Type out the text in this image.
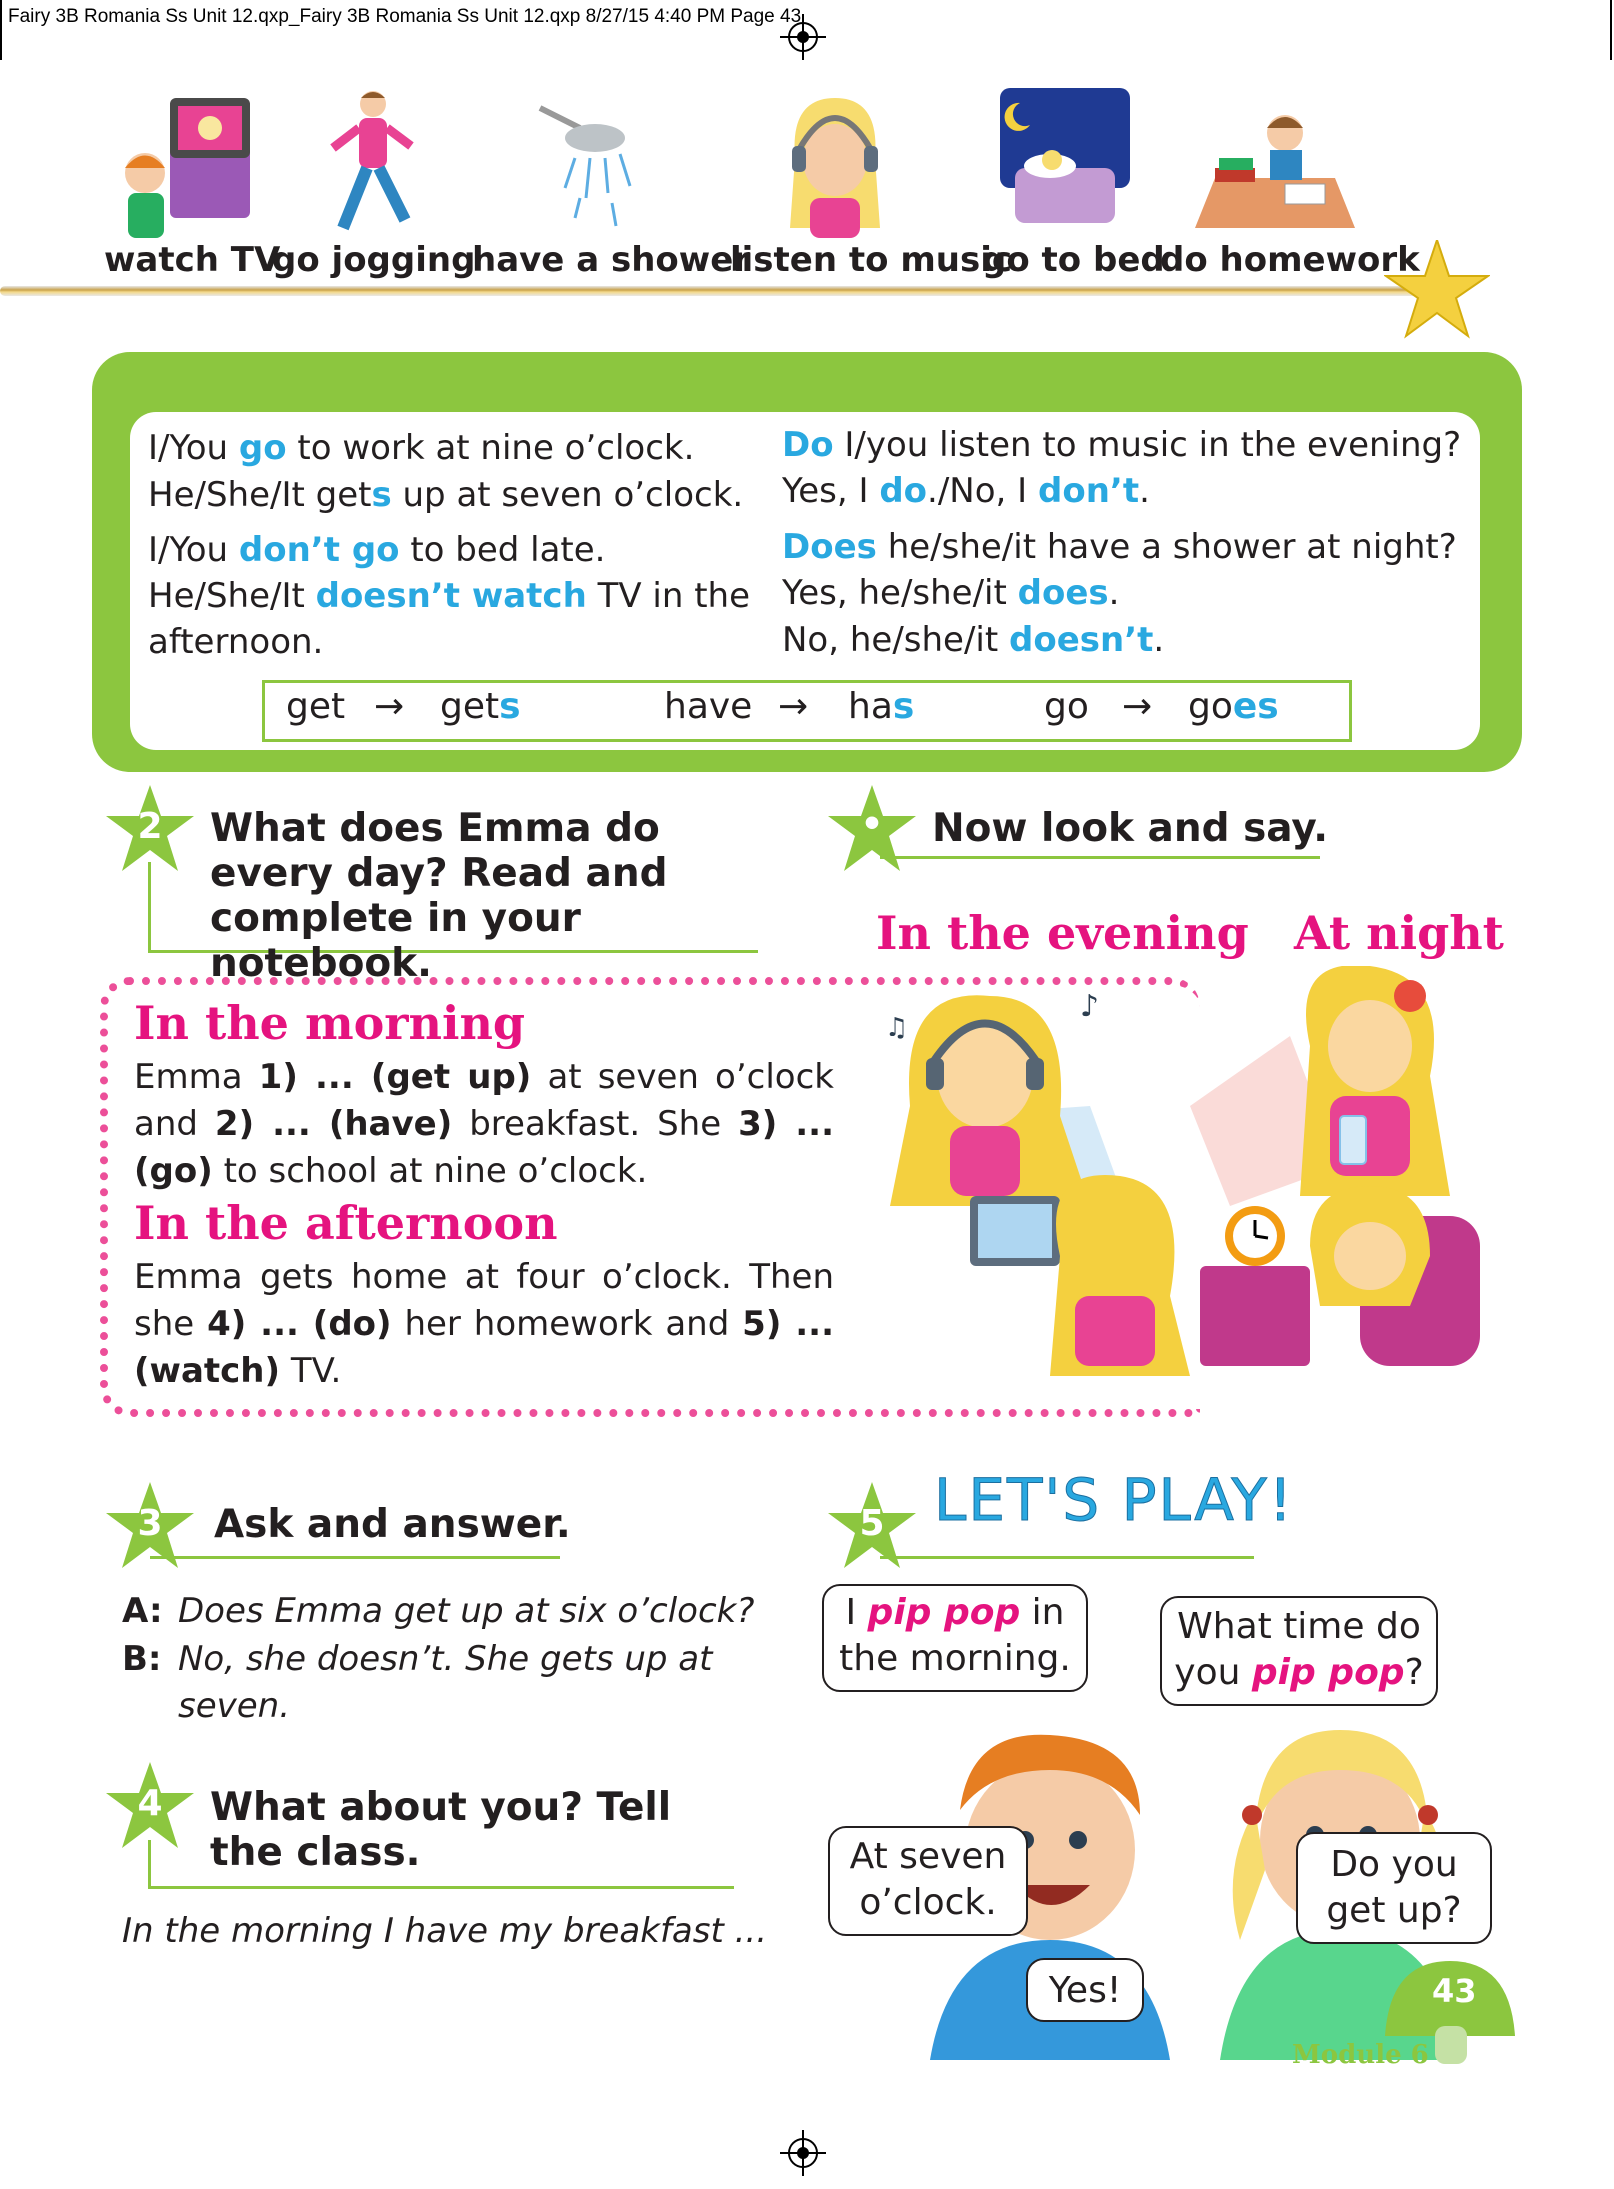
Fairy 3B Romania Ss Unit 12.qxp_Fairy 3B Romania Ss Unit 12.qxp 8/27/15 4:40 PM Page 43
watch TV
go jogging
have a shower
listen to music
go to bed
do homework
I/You go to work at nine o’clock.
He/She/It gets up at seven o’clock.
I/You don’t go to bed late.
He/She/It doesn’t watch TV in the
afternoon.
Do I/you listen to music in the evening?
Yes, I do./No, I don’t.
Does he/she/it have a shower at night?
Yes, he/she/it does.
No, he/she/it doesn’t.
get → gets	have → has	go → goes
2	What does Emma do every day? Read and complete in your notebook.
In the morning
Emma 1) ... (get up) at seven o’clock and 2) ... (have) breakfast. She 3) ... (go) to school at nine o’clock.
In the afternoon
Emma gets home at four o’clock. Then she 4) ... (do) her homework and 5) ... (watch) TV.
•	Now look and say.
In the evening At night
♪
♫
3	Ask and answer.
A: Does Emma get up at six o’clock?
B: No, she doesn’t. She gets up at
seven.
4	What about you? Tell the class.
In the morning I have my breakfast ...
5 LET'S PLAY!
I pip pop in
the morning.
What time do
you pip pop?
At seven
o’clock.
Do you
get up?
Yes!	43
Module 6
